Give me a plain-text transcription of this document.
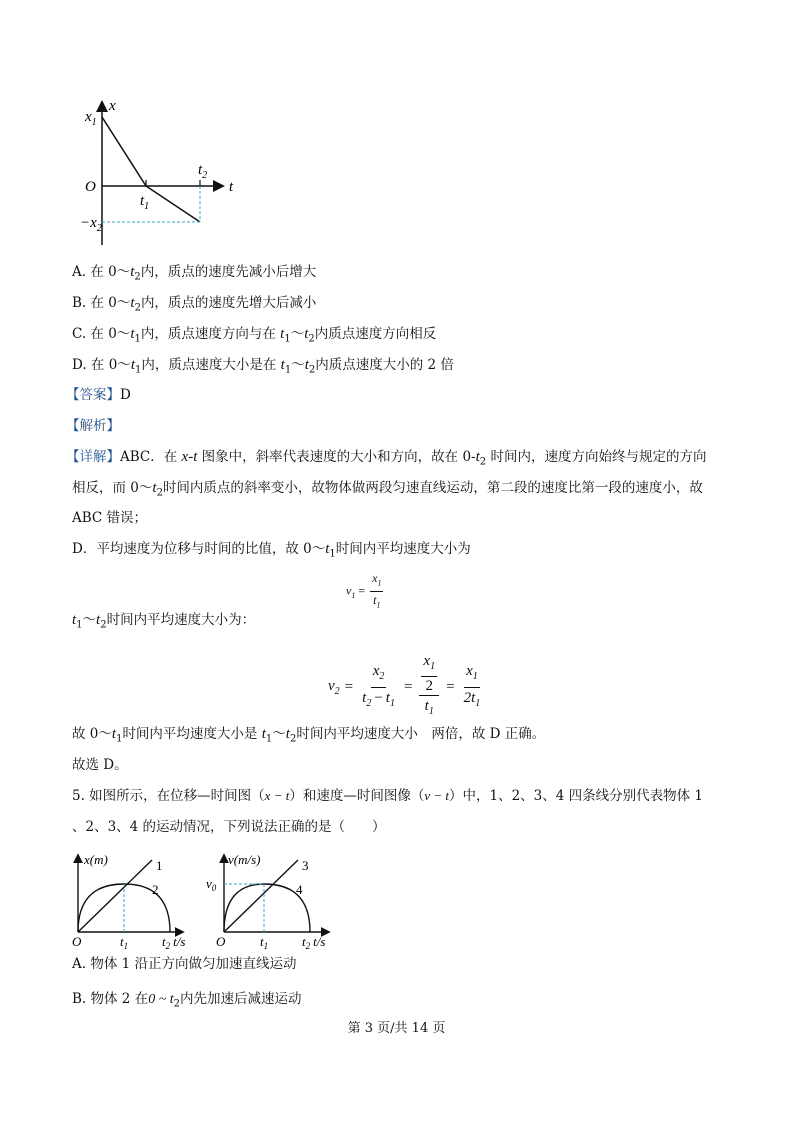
x
$x_1$
O	t
$t_1$
$t_2$
$-x_2$
A. 在 $0\sim t_2$内，质点的速度先减小后增大
B. 在 $0\sim t_2$内，质点的速度先增大后减小
C. 在 $0\sim t_1$内，质点速度方向与在 $t_1\sim t_2$内质点速度方向相反
D. 在 $0\sim t_1$内，质点速度大小是在 $t_1\sim t_2$内质点速度大小的 2 倍
【答案】D
【解析】
【详解】ABC．在 x-t 图象中，斜率代表速度的大小和方向，故在 $0-t_2$ 时间内，速度方向始终与规定的方向
相反，而 $0\sim t_2$时间内质点的斜率变小，故物体做两段匀速直线运动，第二段的速度比第一段的速度小，故
ABC 错误；
D．平均速度为位移与时间的比值，故 $0\sim t_1$时间内平均速度大小为
$v_1 = \frac{x_1}{t_1}$
$t_1\sim t_2$时间内平均速度大小为：
$v_2 = \frac{x_2}{t_2 - t_1} = \frac{\frac{x_1}{2}}{t_1} = \frac{x_1}{2t_1}$
故 $0\sim t_1$时间内平均速度大小是 $t_1\sim t_2$时间内平均速度大小　两倍，故 D 正确。
故选 D。
5. 如图所示，在位移—时间图（x − t）和速度—时间图像（v − t）中，1、2、3、4 四条线分别代表物体 1
、2、3、4 的运动情况，下列说法正确的是（　　）
x(m)	1
2
O	$t_1$	$t_2$ t/s
v(m/s)	3
4
$v_0$
O	$t_1$	$t_2$ t/s
A. 物体 1 沿正方向做匀加速直线运动
B. 物体 2 在0 ~ $t_2$内先加速后减速运动
第 3 页/共 14 页
